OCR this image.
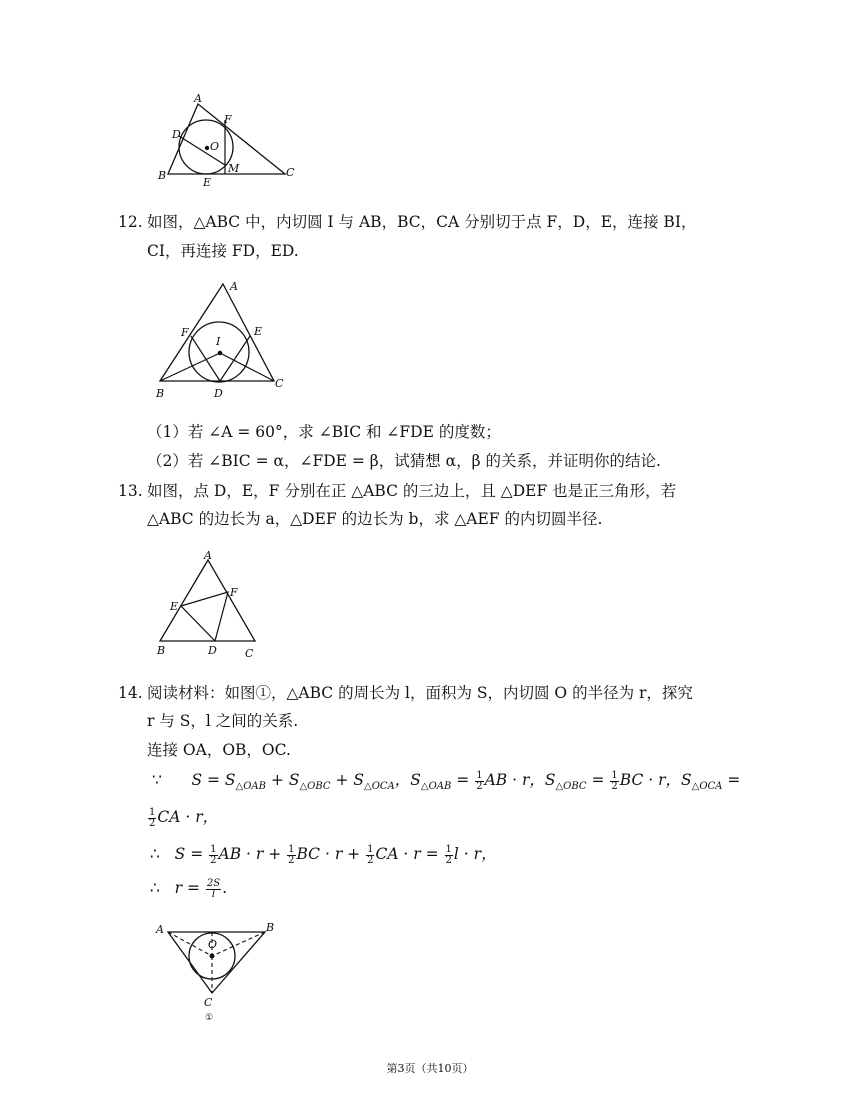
A
B	C
D
E
F
O
M
12. 如图，△ABC 中，内切圆 I 与 AB，BC，CA 分别切于点 F，D，E，连接 BI，
CI，再连接 FD，ED.
A
B
C
D
E
F
I
（1）若 ∠A = 60°，求 ∠BIC 和 ∠FDE 的度数；
（2）若 ∠BIC = α，∠FDE = β，试猜想 α，β 的关系，并证明你的结论.
13. 如图，点 D，E，F 分别在正 △ABC 的三边上，且 △DEF 也是正三角形，若
△ABC 的边长为 a，△DEF 的边长为 b，求 △AEF 的内切圆半径.
A
B	C
D
E
F
14. 阅读材料：如图①，△ABC 的周长为 l，面积为 S，内切圆 O 的半径为 r，探究
r 与 S，l 之间的关系.
连接 OA，OB，OC.
∵ $S = S_{\triangle OAB} + S_{\triangle OBC} + S_{\triangle OCA}$，$S_{\triangle OAB} = \frac{1}{2}$ AB · r，$S_{\triangle OBC} = \frac{1}{2}$ BC · r，$S_{\triangle OCA}$ =
$\frac{1}{2}$ CA · r，
∴ $S = \frac{1}{2}$ AB · $r + \frac{1}{2}$ BC · $r + \frac{1}{2}$ CA · $r = \frac{1}{2}$ l · r，
∴ $r = \frac{2S}{l}$ .
A	B
C
O
①
第3页（共10页）
